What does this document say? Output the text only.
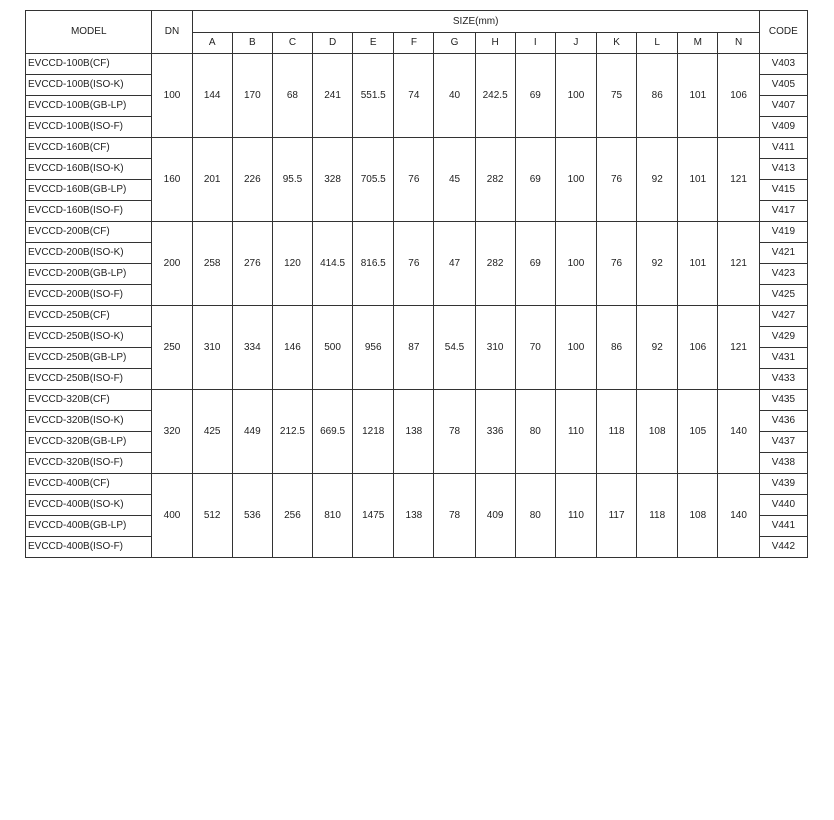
MODEL	DN	SIZE(mm)														CODE
		A	B	C	D	E	F	G	H	I	J	K	L	M	N	
EVCCD-100B(CF)	100	144	170	68	241	551.5	74	40	242.5	69	100	75	86	101	106	V403
EVCCD-100B(ISO-K)																V405
EVCCD-100B(GB-LP)																V407
EVCCD-100B(ISO-F)																V409
EVCCD-160B(CF)	160	201	226	95.5	328	705.5	76	45	282	69	100	76	92	101	121	V411
EVCCD-160B(ISO-K)																V413
EVCCD-160B(GB-LP)																V415
EVCCD-160B(ISO-F)																V417
EVCCD-200B(CF)	200	258	276	120	414.5	816.5	76	47	282	69	100	76	92	101	121	V419
EVCCD-200B(ISO-K)																V421
EVCCD-200B(GB-LP)																V423
EVCCD-200B(ISO-F)																V425
EVCCD-250B(CF)	250	310	334	146	500	956	87	54.5	310	70	100	86	92	106	121	V427
EVCCD-250B(ISO-K)																V429
EVCCD-250B(GB-LP)																V431
EVCCD-250B(ISO-F)																V433
EVCCD-320B(CF)	320	425	449	212.5	669.5	1218	138	78	336	80	110	118	108	105	140	V435
EVCCD-320B(ISO-K)																V436
EVCCD-320B(GB-LP)																V437
EVCCD-320B(ISO-F)																V438
EVCCD-400B(CF)	400	512	536	256	810	1475	138	78	409	80	110	117	118	108	140	V439
EVCCD-400B(ISO-K)																V440
EVCCD-400B(GB-LP)																V441
EVCCD-400B(ISO-F)																V442
